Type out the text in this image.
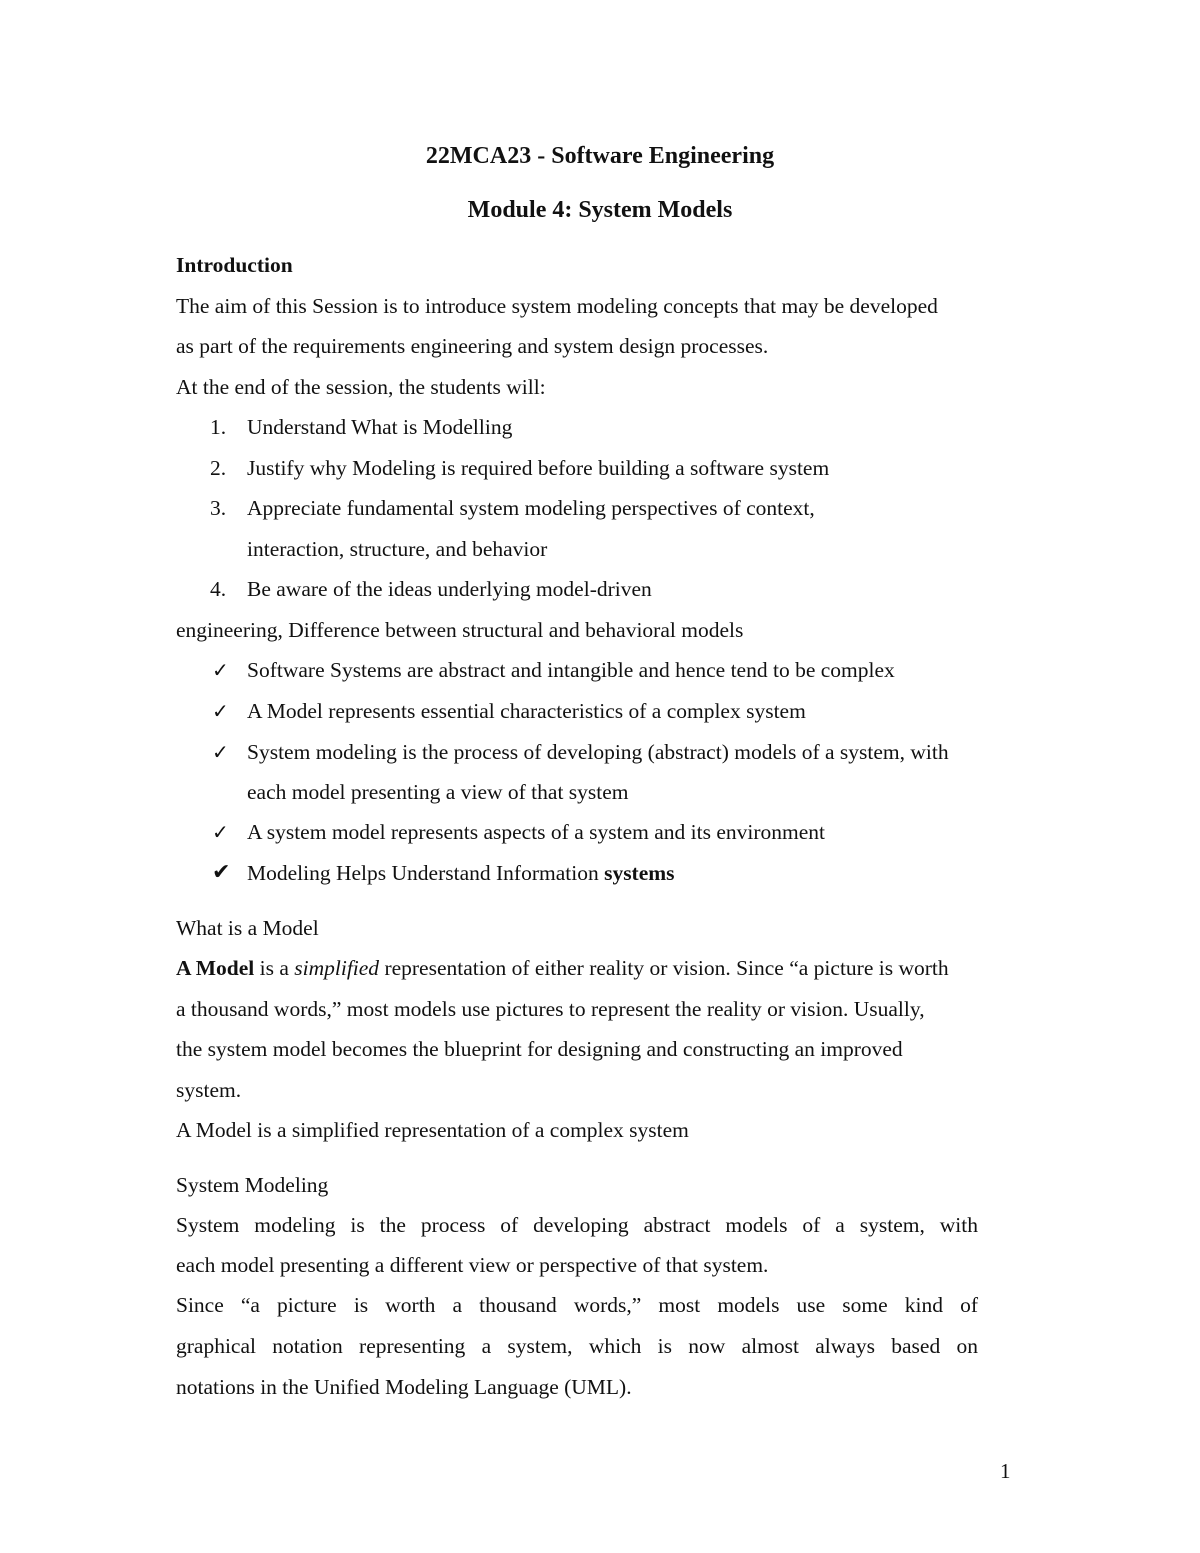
22MCA23 - Software Engineering
Module 4: System Models
Introduction
The aim of this Session is to introduce system modeling concepts that may be developed
as part of the requirements engineering and system design processes.
At the end of the session, the students will:
1. Understand What is Modelling
2. Justify why Modeling is required before building a software system
3. Appreciate fundamental system modeling perspectives of context,
interaction, structure, and behavior
4. Be aware of the ideas underlying model-driven
engineering, Difference between structural and behavioral models
✓ Software Systems are abstract and intangible and hence tend to be complex
✓ A Model represents essential characteristics of a complex system
✓ System modeling is the process of developing (abstract) models of a system, with
each model presenting a view of that system
✓ A system model represents aspects of a system and its environment
✔ Modeling Helps Understand Information systems
What is a Model
A Model is a simplified representation of either reality or vision. Since “a picture is worth
a thousand words,” most models use pictures to represent the reality or vision. Usually,
the system model becomes the blueprint for designing and constructing an improved
system.
A Model is a simplified representation of a complex system
System Modeling
System modeling is the process of developing abstract models of a system, with
each model presenting a different view or perspective of that system.
Since “a picture is worth a thousand words,” most models use some kind of
graphical notation representing a system, which is now almost always based on
notations in the Unified Modeling Language (UML).
1
